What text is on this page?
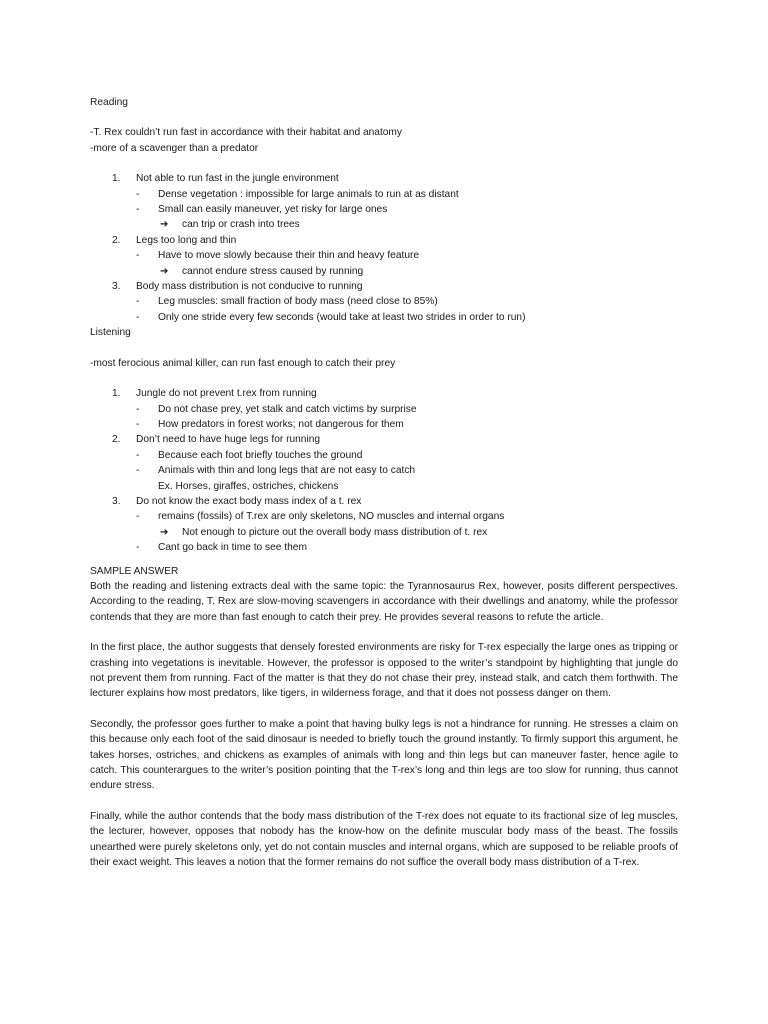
Reading
-T. Rex couldn’t run fast in accordance with their habitat and anatomy
-more of a scavenger than a predator
1. Not able to run fast in the jungle environment
- Dense vegetation : impossible for large animals to run at as distant
- Small can easily maneuver, yet risky for large ones
➔ can trip or crash into trees
2. Legs too long and thin
- Have to move slowly because their thin and heavy feature
➔ cannot endure stress caused by running
3. Body mass distribution is not conducive to running
- Leg muscles: small fraction of body mass (need close to 85%)
- Only one stride every few seconds (would take at least two strides in order to run)
Listening
-most ferocious animal killer, can run fast enough to catch their prey
1. Jungle do not prevent t.rex from running
- Do not chase prey, yet stalk and catch victims by surprise
- How predators in forest works; not dangerous for them
2. Don’t need to have huge legs for running
- Because each foot briefly touches the ground
- Animals with thin and long legs that are not easy to catch
Ex. Horses, giraffes, ostriches, chickens
3. Do not know the exact body mass index of a t. rex
- remains (fossils) of T.rex are only skeletons, NO muscles and internal organs
➔ Not enough to picture out the overall body mass distribution of t. rex
- Cant go back in time to see them
SAMPLE ANSWER
Both the reading and listening extracts deal with the same topic: the Tyrannosaurus Rex, however, posits different perspectives. According to the reading, T. Rex are slow-moving scavengers in accordance with their dwellings and anatomy, while the professor contends that they are more than fast enough to catch their prey. He provides several reasons to refute the article.
In the first place, the author suggests that densely forested environments are risky for T-rex especially the large ones as tripping or crashing into vegetations is inevitable. However, the professor is opposed to the writer’s standpoint by highlighting that jungle do not prevent them from running. Fact of the matter is that they do not chase their prey, instead stalk, and catch them forthwith. The lecturer explains how most predators, like tigers, in wilderness forage, and that it does not possess danger on them.
Secondly, the professor goes further to make a point that having bulky legs is not a hindrance for running. He stresses a claim on this because only each foot of the said dinosaur is needed to briefly touch the ground instantly. To firmly support this argument, he takes horses, ostriches, and chickens as examples of animals with long and thin legs but can maneuver faster, hence agile to catch. This counterargues to the writer’s position pointing that the T-rex’s long and thin legs are too slow for running, thus cannot endure stress.
Finally, while the author contends that the body mass distribution of the T-rex does not equate to its fractional size of leg muscles, the lecturer, however, opposes that nobody has the know-how on the definite muscular body mass of the beast. The fossils unearthed were purely skeletons only, yet do not contain muscles and internal organs, which are supposed to be reliable proofs of their exact weight. This leaves a notion that the former remains do not suffice the overall body mass distribution of a T-rex.
